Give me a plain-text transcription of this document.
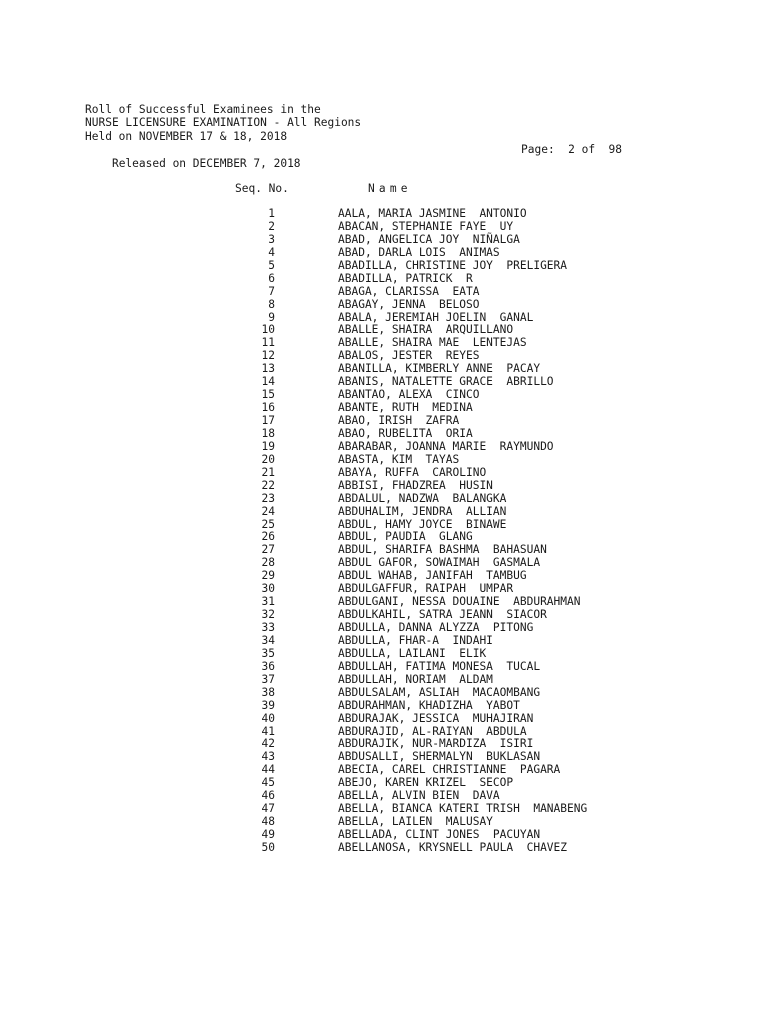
Roll of Successful Examinees in the
NURSE LICENSURE EXAMINATION - All Regions
Held on NOVEMBER 17 & 18, 2018

Released on DECEMBER 7, 2018

Page:  2 of  98

Seq. No.	Name
1	AALA, MARIA JASMINE  ANTONIO
2	ABACAN, STEPHANIE FAYE  UY
3	ABAD, ANGELICA JOY  NIÑALGA
4	ABAD, DARLA LOIS  ANIMAS
5	ABADILLA, CHRISTINE JOY  PRELIGERA
6	ABADILLA, PATRICK  R
7	ABAGA, CLARISSA  EATA
8	ABAGAY, JENNA  BELOSO
9	ABALA, JEREMIAH JOELIN  GANAL
10	ABALLE, SHAIRA  ARQUILLANO
11	ABALLE, SHAIRA MAE  LENTEJAS
12	ABALOS, JESTER  REYES
13	ABANILLA, KIMBERLY ANNE  PACAY
14	ABANIS, NATALETTE GRACE  ABRILLO
15	ABANTAO, ALEXA  CINCO
16	ABANTE, RUTH  MEDINA
17	ABAO, IRISH  ZAFRA
18	ABAO, RUBELITA  ORIA
19	ABARABAR, JOANNA MARIE  RAYMUNDO
20	ABASTA, KIM  TAYAS
21	ABAYA, RUFFA  CAROLINO
22	ABBISI, FHADZREA  HUSIN
23	ABDALUL, NADZWA  BALANGKA
24	ABDUHALIM, JENDRA  ALLIAN
25	ABDUL, HAMY JOYCE  BINAWE
26	ABDUL, PAUDIA  GLANG
27	ABDUL, SHARIFA BASHMA  BAHASUAN
28	ABDUL GAFOR, SOWAIMAH  GASMALA
29	ABDUL WAHAB, JANIFAH  TAMBUG
30	ABDULGAFFUR, RAIPAH  UMPAR
31	ABDULGANI, NESSA DOUAINE  ABDURAHMAN
32	ABDULKAHIL, SATRA JEANN  SIACOR
33	ABDULLA, DANNA ALYZZA  PITONG
34	ABDULLA, FHAR-A  INDAHI
35	ABDULLA, LAILANI  ELIK
36	ABDULLAH, FATIMA MONESA  TUCAL
37	ABDULLAH, NORIAM  ALDAM
38	ABDULSALAM, ASLIAH  MACAOMBANG
39	ABDURAHMAN, KHADIZHA  YABOT
40	ABDURAJAK, JESSICA  MUHAJIRAN
41	ABDURAJID, AL-RAIYAN  ABDULA
42	ABDURAJIK, NUR-MARDIZA  ISIRI
43	ABDUSALLI, SHERMALYN  BUKLASAN
44	ABECIA, CAREL CHRISTIANNE  PAGARA
45	ABEJO, KAREN KRIZEL  SECOP
46	ABELLA, ALVIN BIEN  DAVA
47	ABELLA, BIANCA KATERI TRISH  MANABENG
48	ABELLA, LAILEN  MALUSAY
49	ABELLADA, CLINT JONES  PACUYAN
50	ABELLANOSA, KRYSNELL PAULA  CHAVEZ
